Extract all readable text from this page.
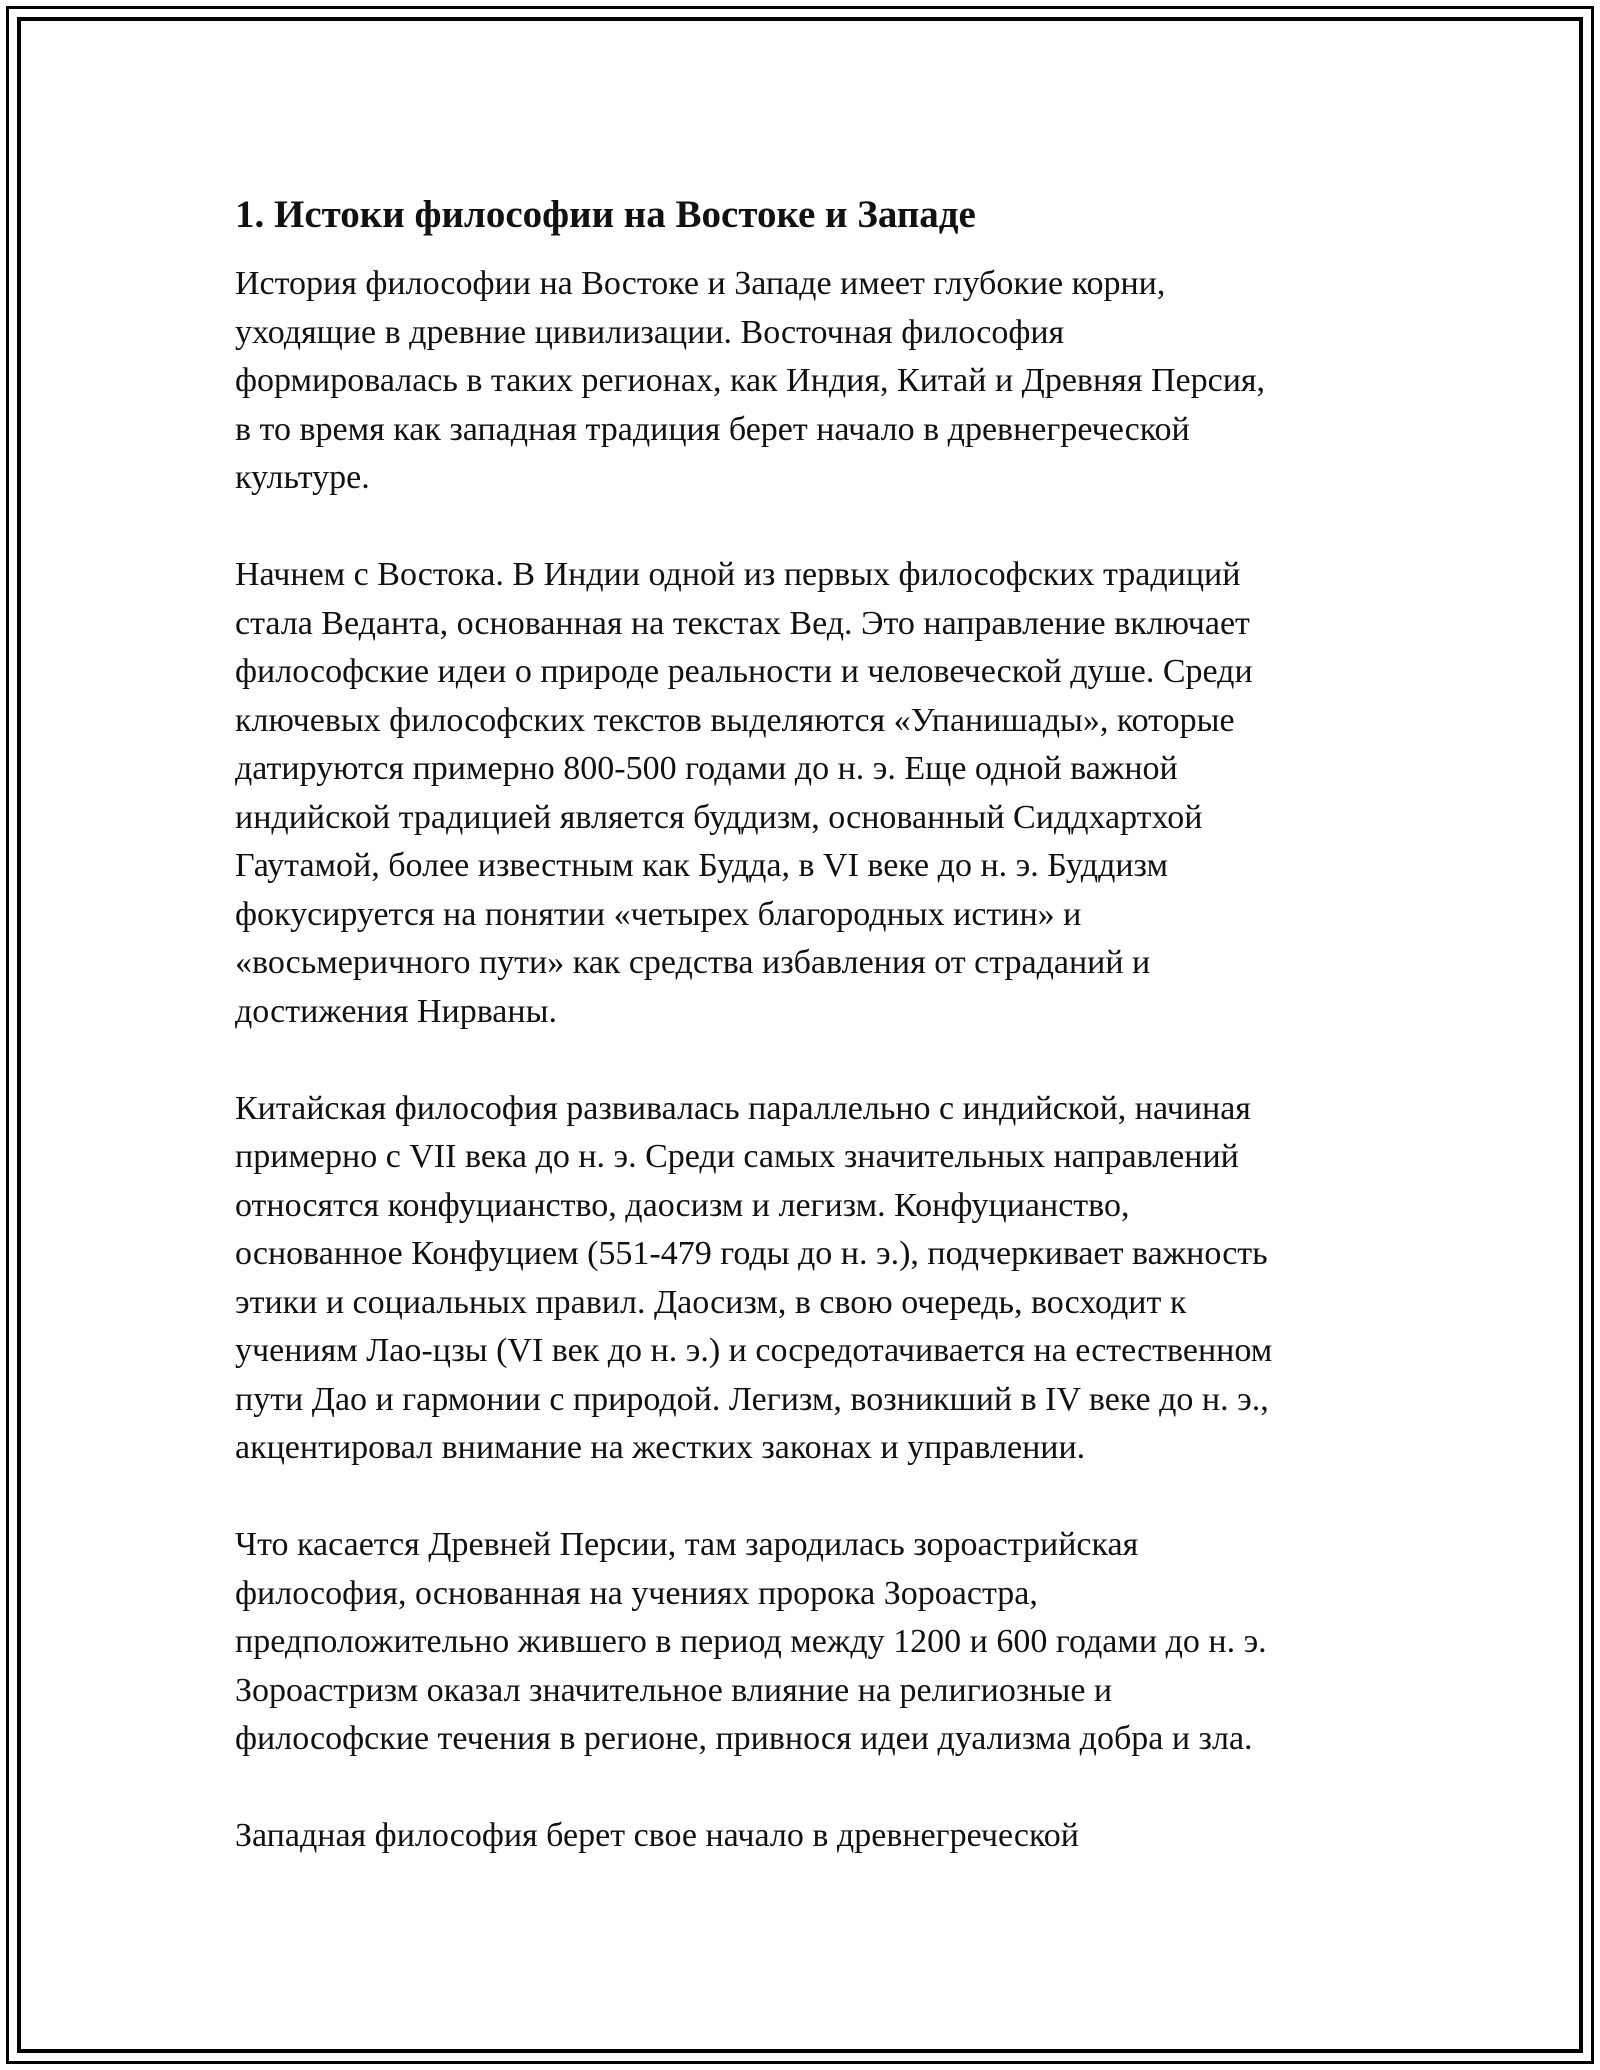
1. Истоки философии на Востоке и Западе

История философии на Востоке и Западе имеет глубокие корни,
уходящие в древние цивилизации. Восточная философия
формировалась в таких регионах, как Индия, Китай и Древняя Персия,
в то время как западная традиция берет начало в древнегреческой
культуре.

Начнем с Востока. В Индии одной из первых философских традиций
стала Веданта, основанная на текстах Вед. Это направление включает
философские идеи о природе реальности и человеческой душе. Среди
ключевых философских текстов выделяются «Упанишады», которые
датируются примерно 800-500 годами до н. э. Еще одной важной
индийской традицией является буддизм, основанный Сиддхартхой
Гаутамой, более известным как Будда, в VI веке до н. э. Буддизм
фокусируется на понятии «четырех благородных истин» и
«восьмеричного пути» как средства избавления от страданий и
достижения Нирваны.

Китайская философия развивалась параллельно с индийской, начиная
примерно с VII века до н. э. Среди самых значительных направлений
относятся конфуцианство, даосизм и легизм. Конфуцианство,
основанное Конфуцием (551-479 годы до н. э.), подчеркивает важность
этики и социальных правил. Даосизм, в свою очередь, восходит к
учениям Лао-цзы (VI век до н. э.) и сосредотачивается на естественном
пути Дао и гармонии с природой. Легизм, возникший в IV веке до н. э.,
акцентировал внимание на жестких законах и управлении.

Что касается Древней Персии, там зародилась зороастрийская
философия, основанная на учениях пророка Зороастра,
предположительно жившего в период между 1200 и 600 годами до н. э.
Зороастризм оказал значительное влияние на религиозные и
философские течения в регионе, привнося идеи дуализма добра и зла.

Западная философия берет свое начало в древнегреческой
